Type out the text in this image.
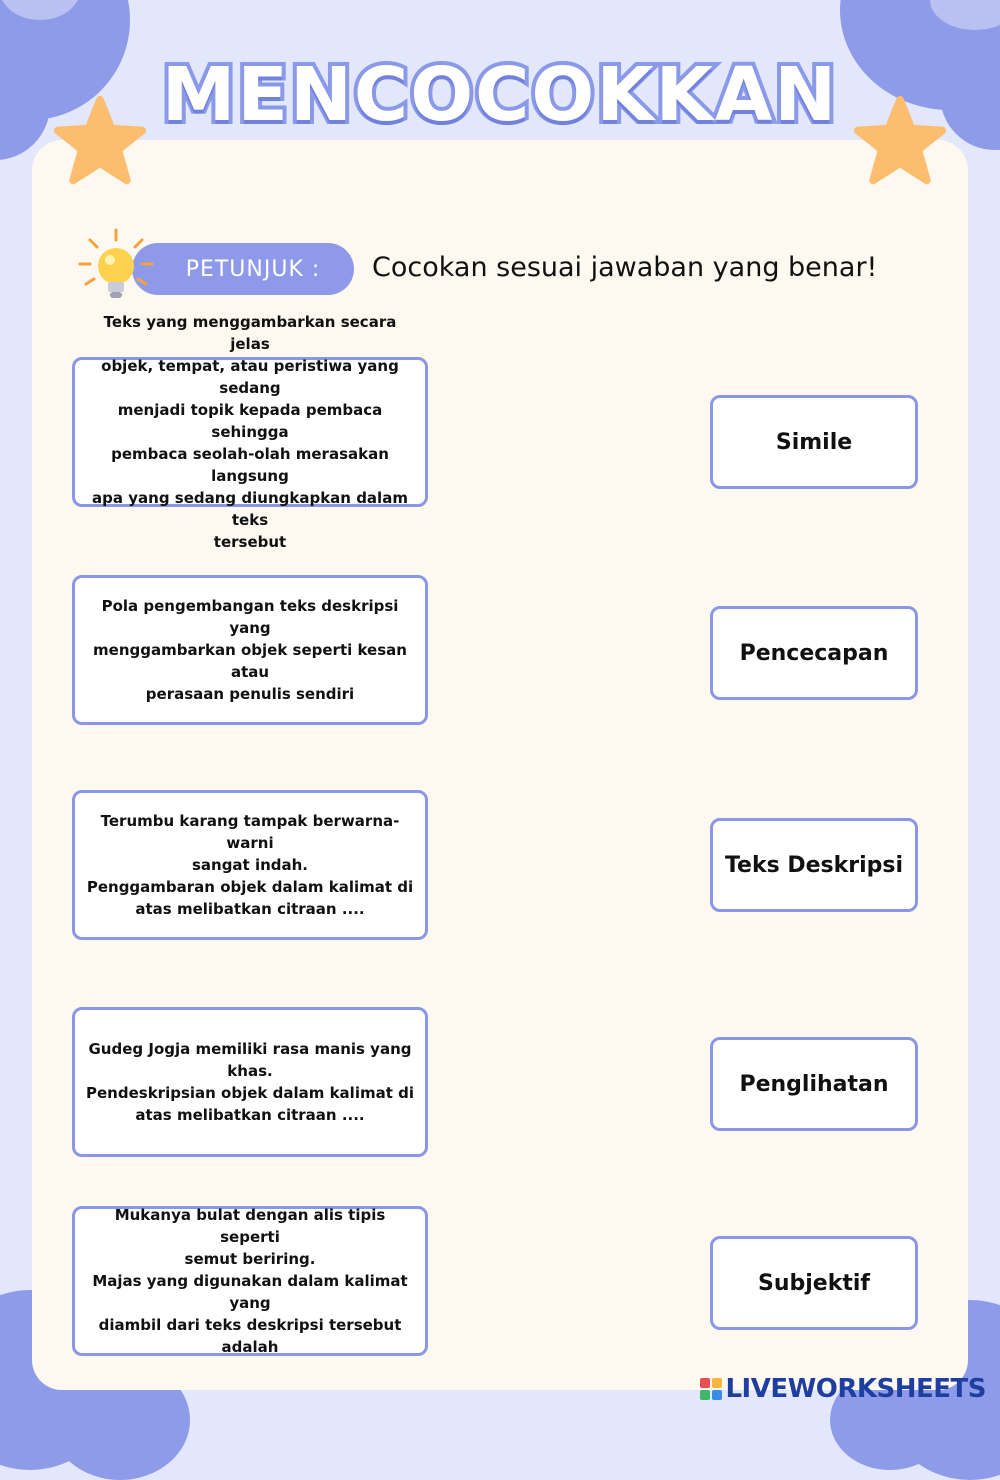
MENCOCOKKAN
PETUNJUK : Cocokan sesuai jawaban yang benar!
Teks yang menggambarkan secara jelas
objek, tempat, atau peristiwa yang sedang
menjadi topik kepada pembaca sehingga
pembaca seolah-olah merasakan langsung
apa yang sedang diungkapkan dalam teks
tersebut
Pola pengembangan teks deskripsi yang
menggambarkan objek seperti kesan atau
perasaan penulis sendiri
Terumbu karang tampak berwarna-warni
sangat indah.
Penggambaran objek dalam kalimat di
atas melibatkan citraan ....
Gudeg Jogja memiliki rasa manis yang
khas.
Pendeskripsian objek dalam kalimat di
atas melibatkan citraan ....
Mukanya bulat dengan alis tipis seperti
semut beriring.
Majas yang digunakan dalam kalimat yang
diambil dari teks deskripsi tersebut adalah
Simile
Pencecapan
Teks Deskripsi
Penglihatan
Subjektif
LIVEWORKSHEETS
